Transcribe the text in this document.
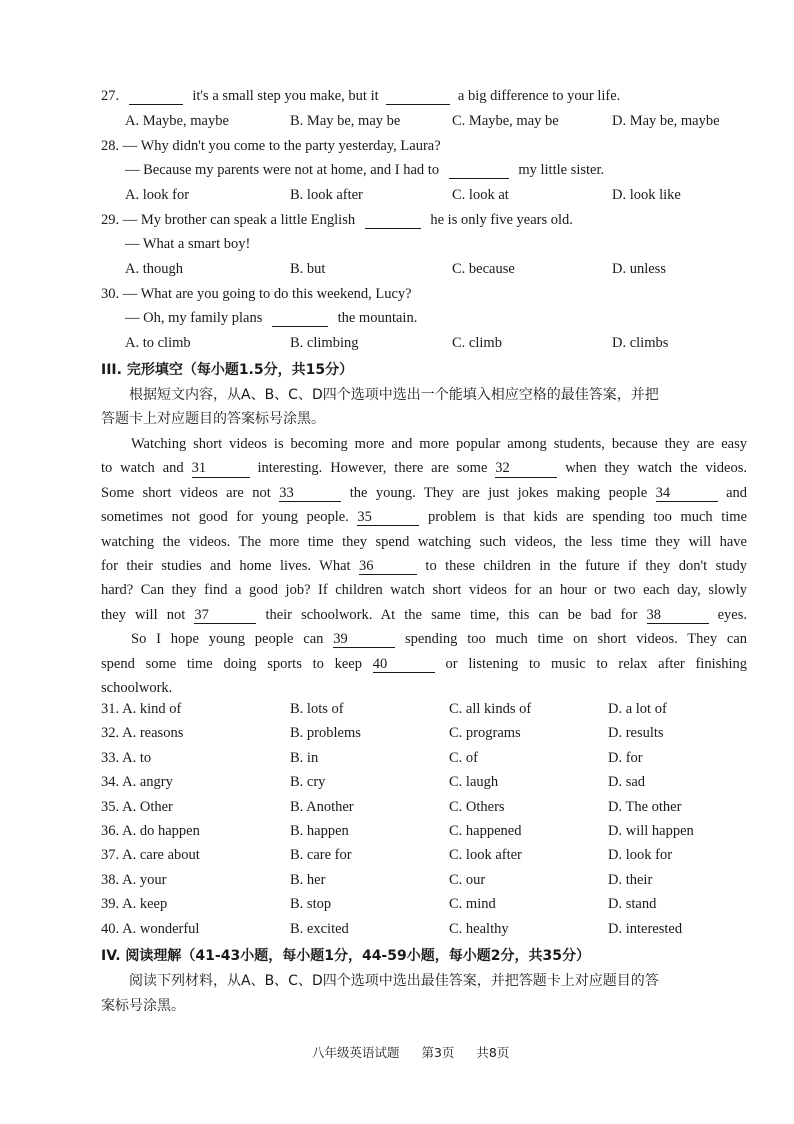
27.	it's a small step you make, but it	a big difference to your life.
A. Maybe, maybe	B. May be, may be	C. Maybe, may be	D. May be, maybe
28. — Why didn't you come to the party yesterday, Laura?
— Because my parents were not at home, and I had to	my little sister.
A. look for	B. look after	C. look at	D. look like
29. — My brother can speak a little English	he is only five years old.
— What a smart boy!
A. though	B. but	C. because	D. unless
30. — What are you going to do this weekend, Lucy?
— Oh, my family plans	the mountain.
A. to climb	B. climbing	C. climb	D. climbs
III. 完形填空（每小题1.5分，共15分）
根据短文内容，从A、B、C、D四个选项中选出一个能填入相应空格的最佳答案，并把
答题卡上对应题目的答案标号涂黑。
Watching short videos is becoming more and more popular among students, because they are easy
to watch and 31	interesting. However, there are some 32	when they watch the videos.
Some short videos are not 33	the young. They are just jokes making people 34	and
sometimes not good for young people. 35	problem is that kids are spending too much time
watching the videos. The more time they spend watching such videos, the less time they will have
for their studies and home lives. What 36	to these children in the future if they don't study
hard? Can they find a good job? If children watch short videos for an hour or two each day, slowly
they will not 37	their schoolwork. At the same time, this can be bad for 38	eyes.
So I hope young people can 39	spending too much time on short videos. They can
spend some time doing sports to keep 40	or listening to music to relax after finishing
schoolwork.
31. A. kind of	B. lots of	C. all kinds of	D. a lot of
32. A. reasons	B. problems	C. programs	D. results
33. A. to	B. in	C. of	D. for
34. A. angry	B. cry	C. laugh	D. sad
35. A. Other	B. Another	C. Others	D. The other
36. A. do happen	B. happen	C. happened	D. will happen
37. A. care about	B. care for	C. look after	D. look for
38. A. your	B. her	C. our	D. their
39. A. keep	B. stop	C. mind	D. stand
40. A. wonderful	B. excited	C. healthy	D. interested
IV. 阅读理解（41-43小题，每小题1分，44-59小题，每小题2分，共35分）
阅读下列材料，从A、B、C、D四个选项中选出最佳答案，并把答题卡上对应题目的答
案标号涂黑。
八年级英语试题 第3页 共8页
